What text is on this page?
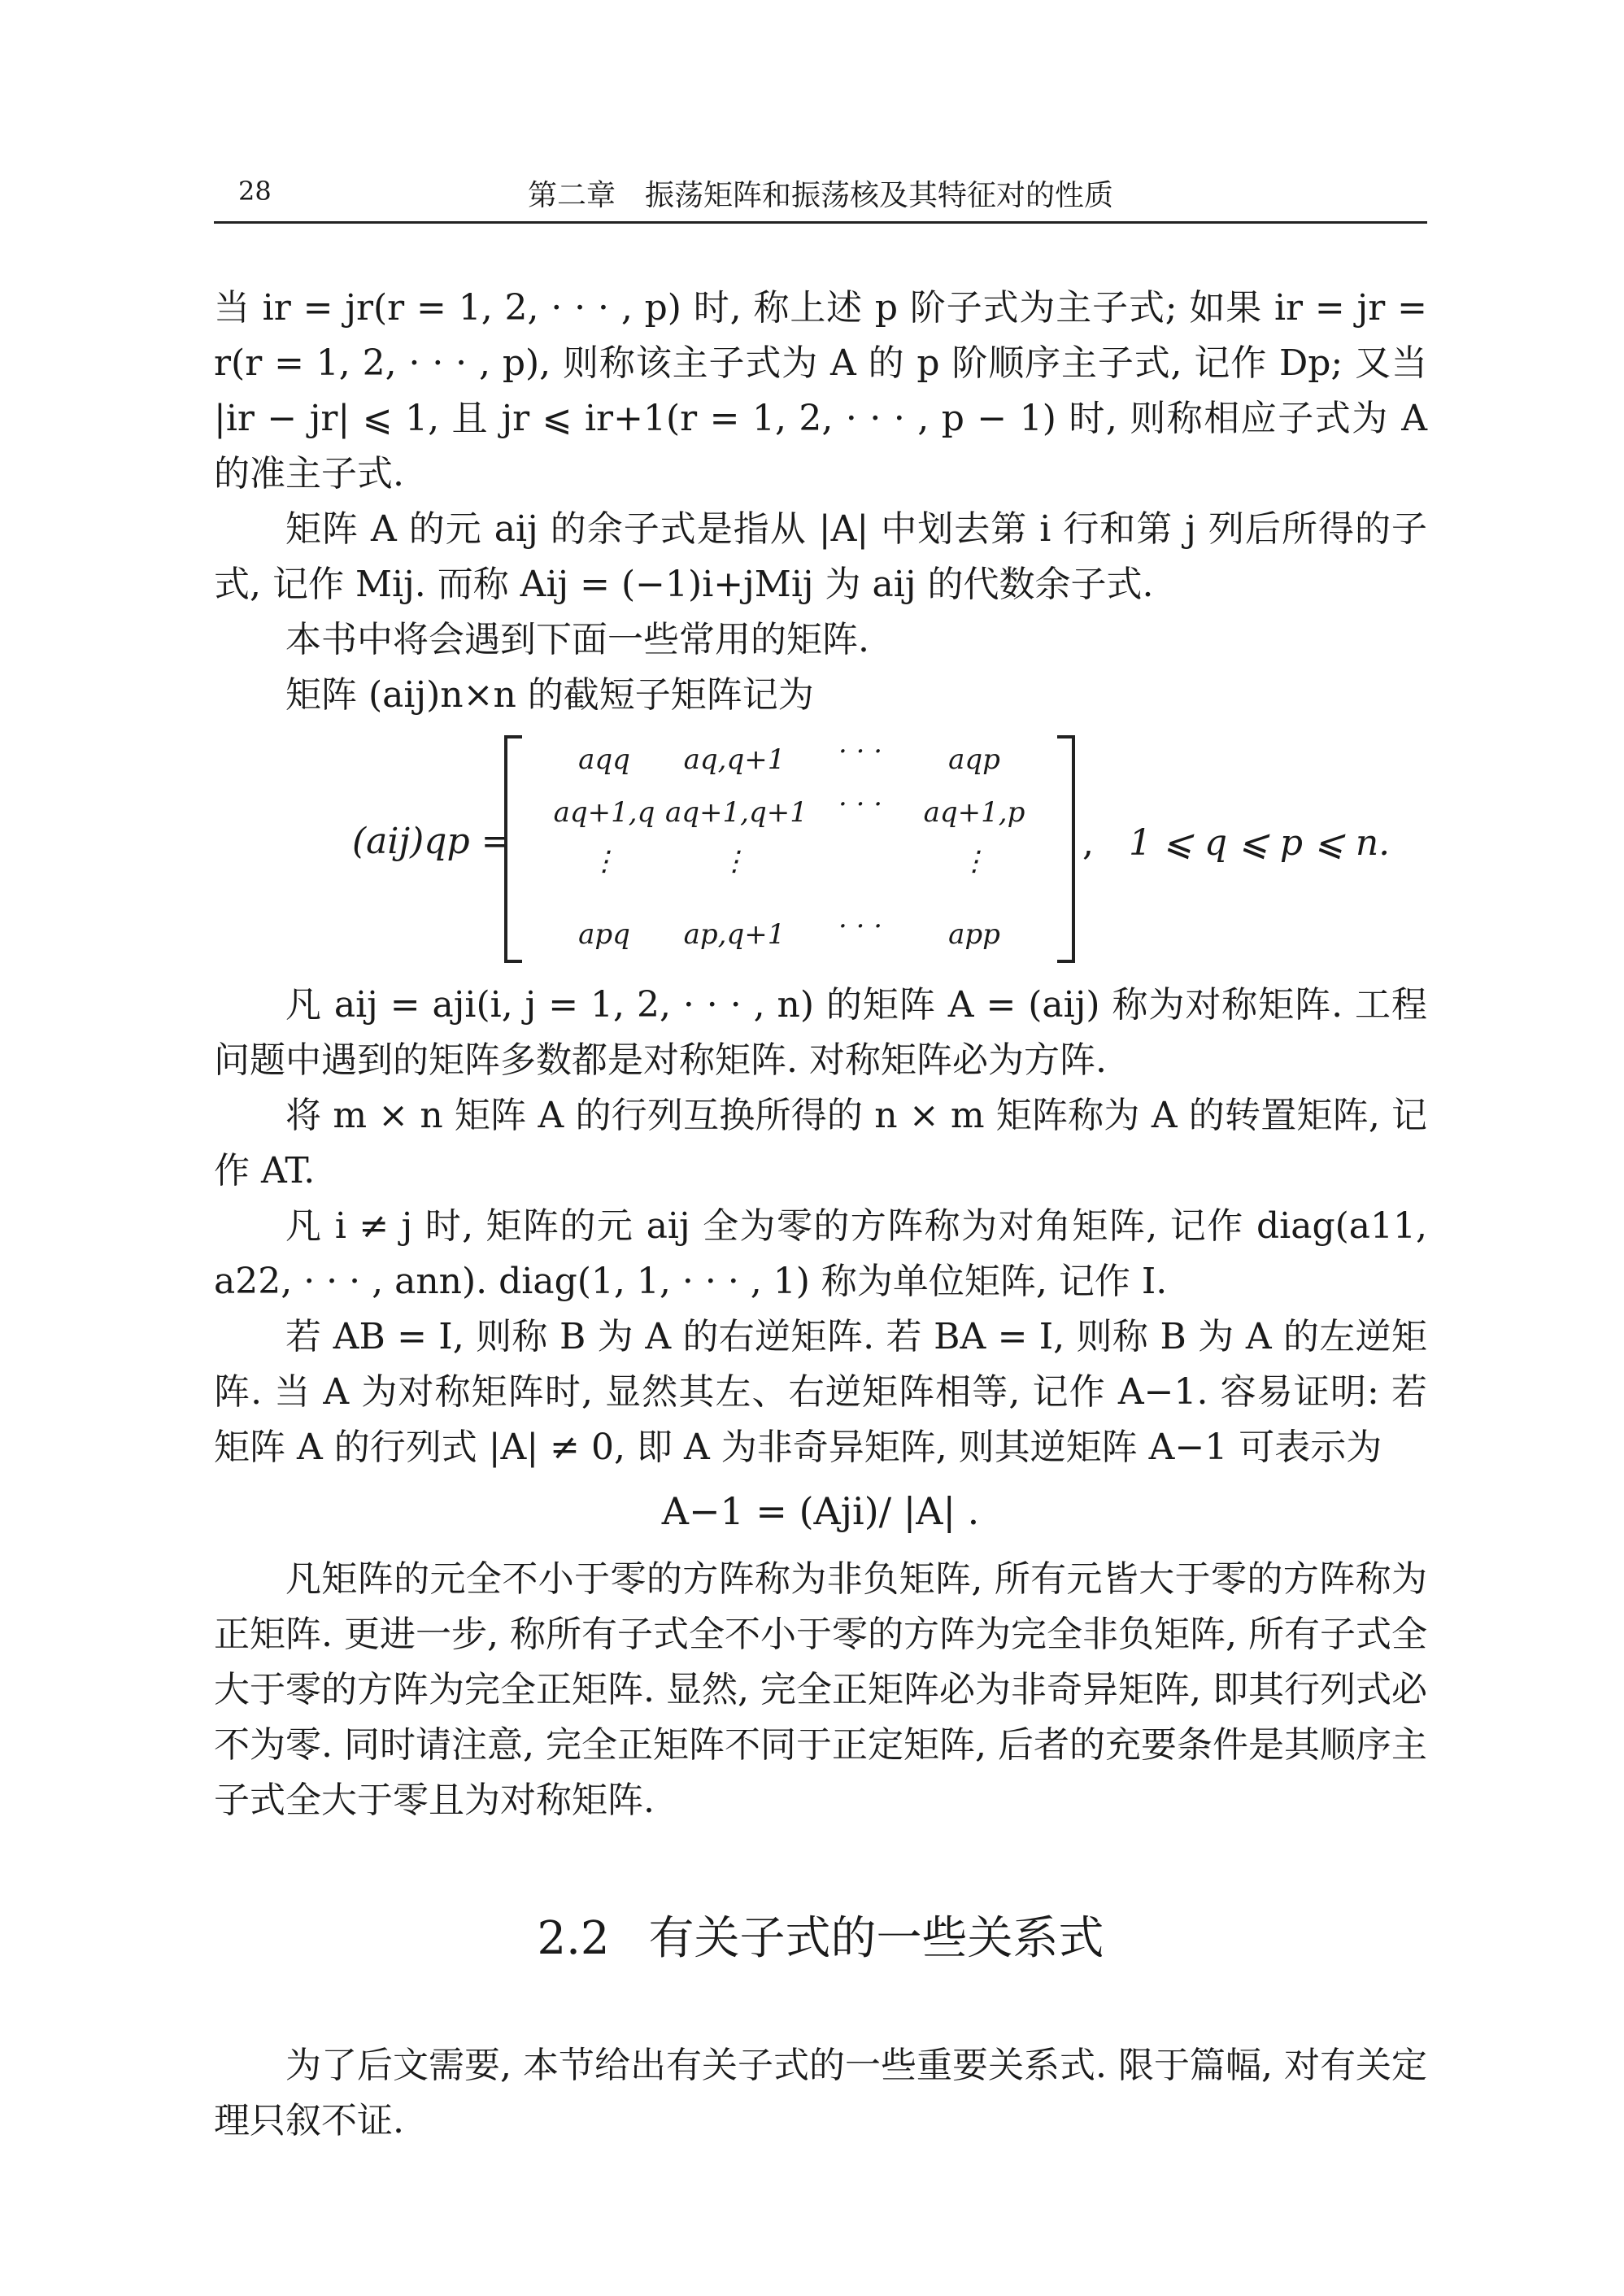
28	第二章　振荡矩阵和振荡核及其特征对的性质

当 ir = jr(r = 1, 2, · · · , p) 时, 称上述 p 阶子式为主子式; 如果 ir = jr = r(r = 1, 2, · · · , p), 则称该主子式为 A 的 p 阶顺序主子式, 记作 Dp; 又当 |ir − jr| ⩽ 1, 且 jr ⩽ ir+1(r = 1, 2, · · · , p − 1) 时, 则称相应子式为 A 的准主子式.

矩阵 A 的元 aij 的余子式是指从 |A| 中划去第 i 行和第 j 列后所得的子式, 记作 Mij. 而称 Aij = (−1)i+jMij 为 aij 的代数余子式.

本书中将会遇到下面一些常用的矩阵.

矩阵 (aij)n×n 的截短子矩阵记为

(aij)qp =
aqq	aq,q+1	· · ·	aqp
aq+1,q aq+1,q+1	· · ·	aq+1,p
⋮	⋮	⋮
apq	ap,q+1	· · ·	app
, 1 ⩽ q ⩽ p ⩽ n.

凡 aij = aji(i, j = 1, 2, · · · , n) 的矩阵 A = (aij) 称为对称矩阵. 工程问题中遇到的矩阵多数都是对称矩阵. 对称矩阵必为方阵.

将 m × n 矩阵 A 的行列互换所得的 n × m 矩阵称为 A 的转置矩阵, 记作 AT.

凡 i ≠ j 时, 矩阵的元 aij 全为零的方阵称为对角矩阵, 记作 diag(a11, a22, · · · , ann). diag(1, 1, · · · , 1) 称为单位矩阵, 记作 I.

若 AB = I, 则称 B 为 A 的右逆矩阵. 若 BA = I, 则称 B 为 A 的左逆矩阵. 当 A 为对称矩阵时, 显然其左、右逆矩阵相等, 记作 A−1. 容易证明: 若矩阵 A 的行列式 |A| ≠ 0, 即 A 为非奇异矩阵, 则其逆矩阵 A−1 可表示为

A−1 = (Aji)/ |A| .

凡矩阵的元全不小于零的方阵称为非负矩阵, 所有元皆大于零的方阵称为正矩阵. 更进一步, 称所有子式全不小于零的方阵为完全非负矩阵, 所有子式全大于零的方阵为完全正矩阵. 显然, 完全正矩阵必为非奇异矩阵, 即其行列式必不为零. 同时请注意, 完全正矩阵不同于正定矩阵, 后者的充要条件是其顺序主子式全大于零且为对称矩阵.

2.2 有关子式的一些关系式

为了后文需要, 本节给出有关子式的一些重要关系式. 限于篇幅, 对有关定理只叙不证.
